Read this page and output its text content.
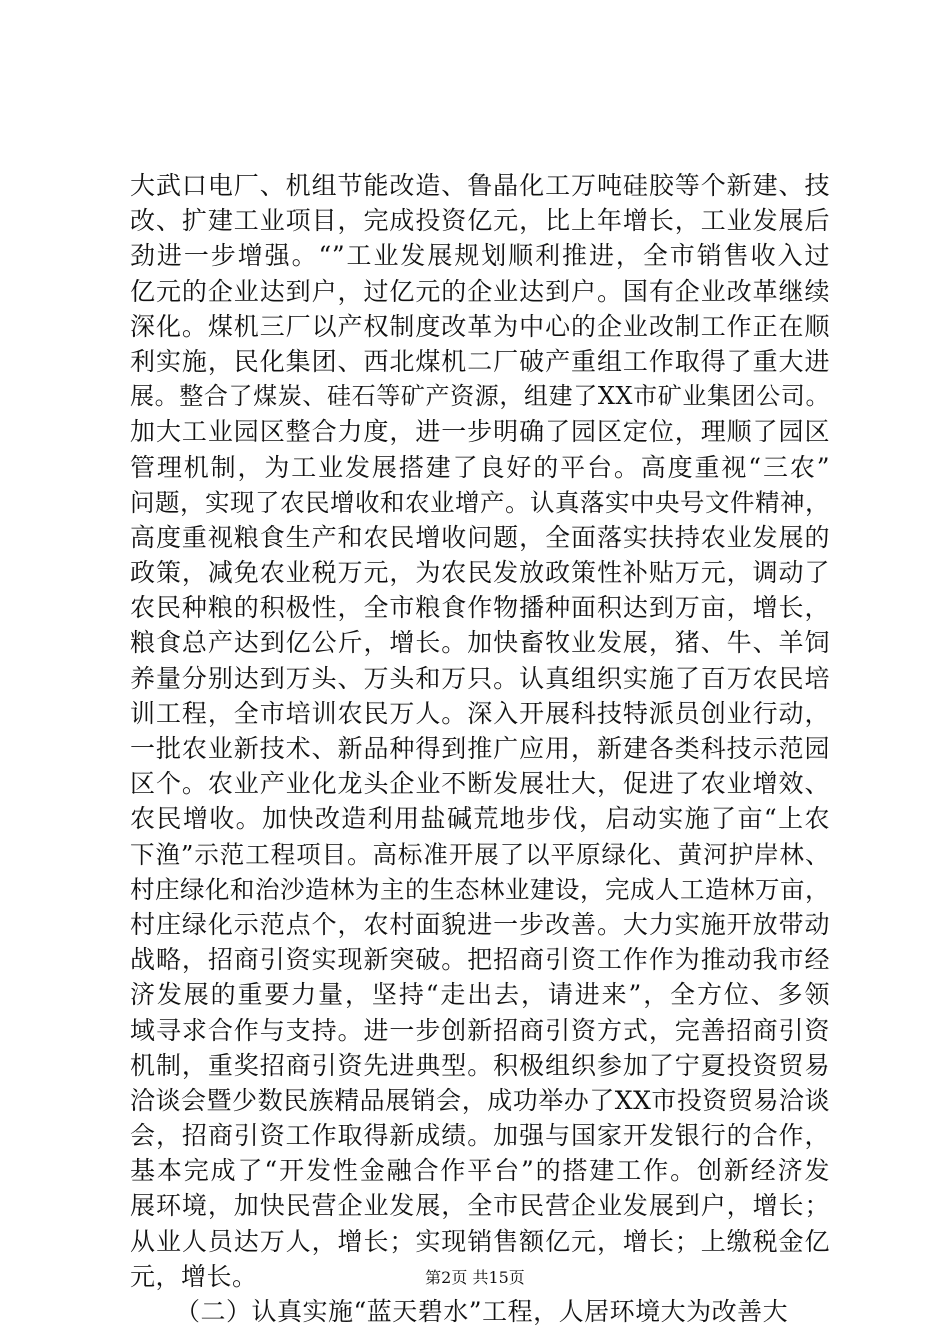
大武口电厂、机组节能改造、鲁晶化工万吨硅胶等个新建、技
改、扩建工业项目，完成投资亿元，比上年增长，工业发展后
劲进一步增强。“”工业发展规划顺利推进，全市销售收入过
亿元的企业达到户，过亿元的企业达到户。国有企业改革继续
深化。煤机三厂以产权制度改革为中心的企业改制工作正在顺
利实施，民化集团、西北煤机二厂破产重组工作取得了重大进
展。整合了煤炭、硅石等矿产资源，组建了XX市矿业集团公司。
加大工业园区整合力度，进一步明确了园区定位，理顺了园区
管理机制，为工业发展搭建了良好的平台。高度重视“三农”
问题，实现了农民增收和农业增产。认真落实中央号文件精神，
高度重视粮食生产和农民增收问题，全面落实扶持农业发展的
政策，减免农业税万元，为农民发放政策性补贴万元，调动了
农民种粮的积极性，全市粮食作物播种面积达到万亩，增长，
粮食总产达到亿公斤，增长。加快畜牧业发展，猪、牛、羊饲
养量分别达到万头、万头和万只。认真组织实施了百万农民培
训工程，全市培训农民万人。深入开展科技特派员创业行动，
一批农业新技术、新品种得到推广应用，新建各类科技示范园
区个。农业产业化龙头企业不断发展壮大，促进了农业增效、
农民增收。加快改造利用盐碱荒地步伐，启动实施了亩“上农
下渔”示范工程项目。高标准开展了以平原绿化、黄河护岸林、
村庄绿化和治沙造林为主的生态林业建设，完成人工造林万亩，
村庄绿化示范点个，农村面貌进一步改善。大力实施开放带动
战略，招商引资实现新突破。把招商引资工作作为推动我市经
济发展的重要力量，坚持“走出去，请进来”，全方位、多领
域寻求合作与支持。进一步创新招商引资方式，完善招商引资
机制，重奖招商引资先进典型。积极组织参加了宁夏投资贸易
洽谈会暨少数民族精品展销会，成功举办了XX市投资贸易洽谈
会，招商引资工作取得新成绩。加强与国家开发银行的合作，
基本完成了“开发性金融合作平台”的搭建工作。创新经济发
展环境，加快民营企业发展，全市民营企业发展到户，增长；
从业人员达万人，增长；实现销售额亿元，增长；上缴税金亿
元，增长。
（二）认真实施“蓝天碧水”工程，人居环境大为改善大
第2页 共15页
